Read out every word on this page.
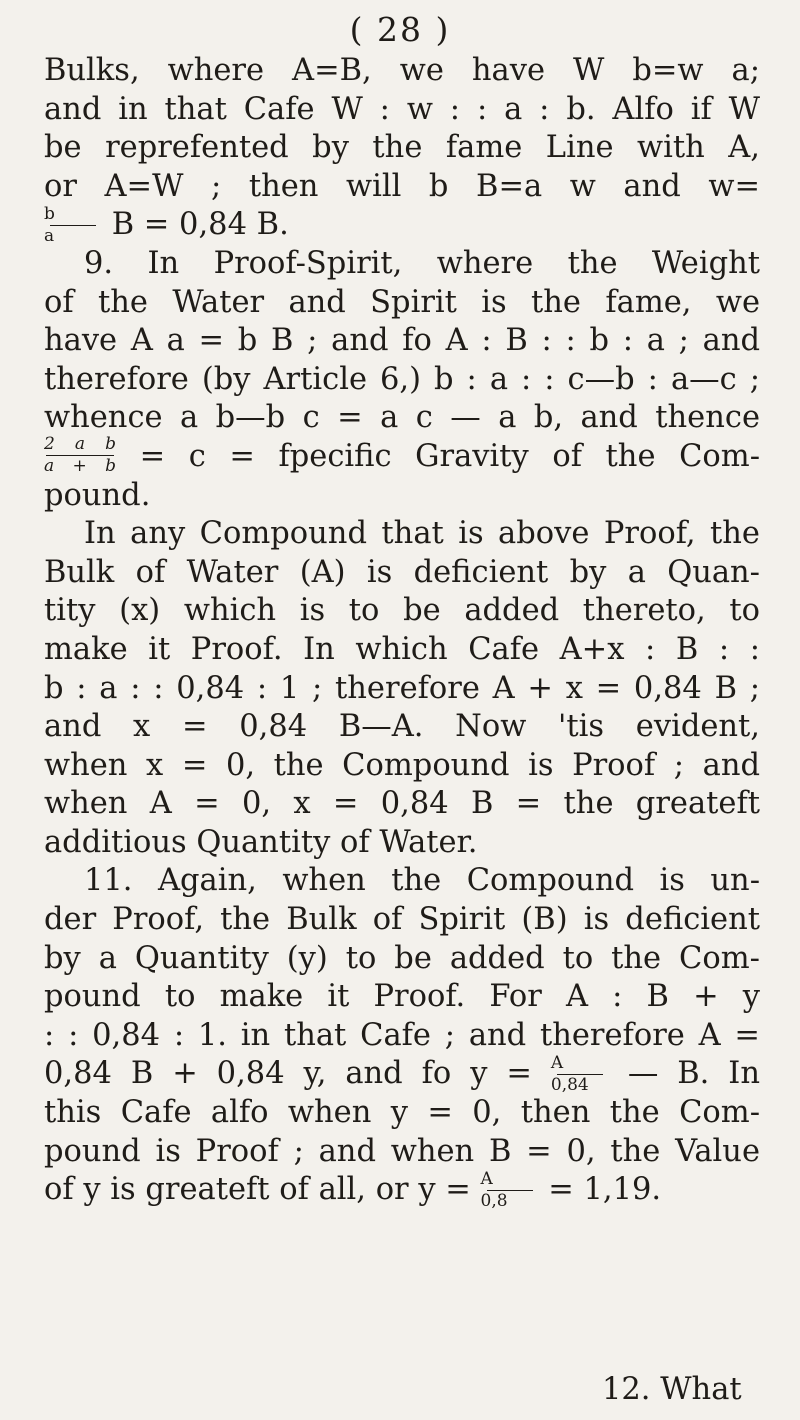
( 28 )
Bulks, where A=B, we have W b=w a;
and in that Cafe W : w : : a : b. Alfo if W
be reprefented by the fame Line with A,
or A=W ; then will b B=a w and w=
$\frac{b}{a}$ B = 0,84 B.
9. In Proof-Spirit, where the Weight
of the Water and Spirit is the fame, we
have A a = b B ; and fo A : B : : b : a ; and
therefore (by Article 6,) b : a : : c—b : a—c ;
whence a b—b c = a c — a b, and thence
$\frac{\text{2 a b}}{a + b} = c$ = fpecific Gravity of the Com-
pound.
In any Compound that is above Proof, the
Bulk of Water (A) is deficient by a Quan-
tity (x) which is to be added thereto, to
make it Proof. In which Cafe A+x : B : :
b : a : : 0,84 : 1 ; therefore A + x = 0,84 B ;
and x = 0,84 B—A. Now 'tis evident,
when x = 0, the Compound is Proof ; and
when A = 0, x = 0,84 B = the greateft
additious Quantity of Water.
11. Again, when the Compound is un-
der Proof, the Bulk of Spirit (B) is deficient
by a Quantity (y) to be added to the Com-
pound to make it Proof. For A : B + y
: : 0,84 : 1. in that Cafe ; and therefore A =
0,84 B + 0,84 y, and fo $y = \frac{A}{0,84}$ — B. In
this Cafe alfo when y = 0, then the Com-
pound is Proof ; and when B = 0, the Value
of y is greateft of all, or $y = \frac{A}{0,8} = 1,19$.
12. What
